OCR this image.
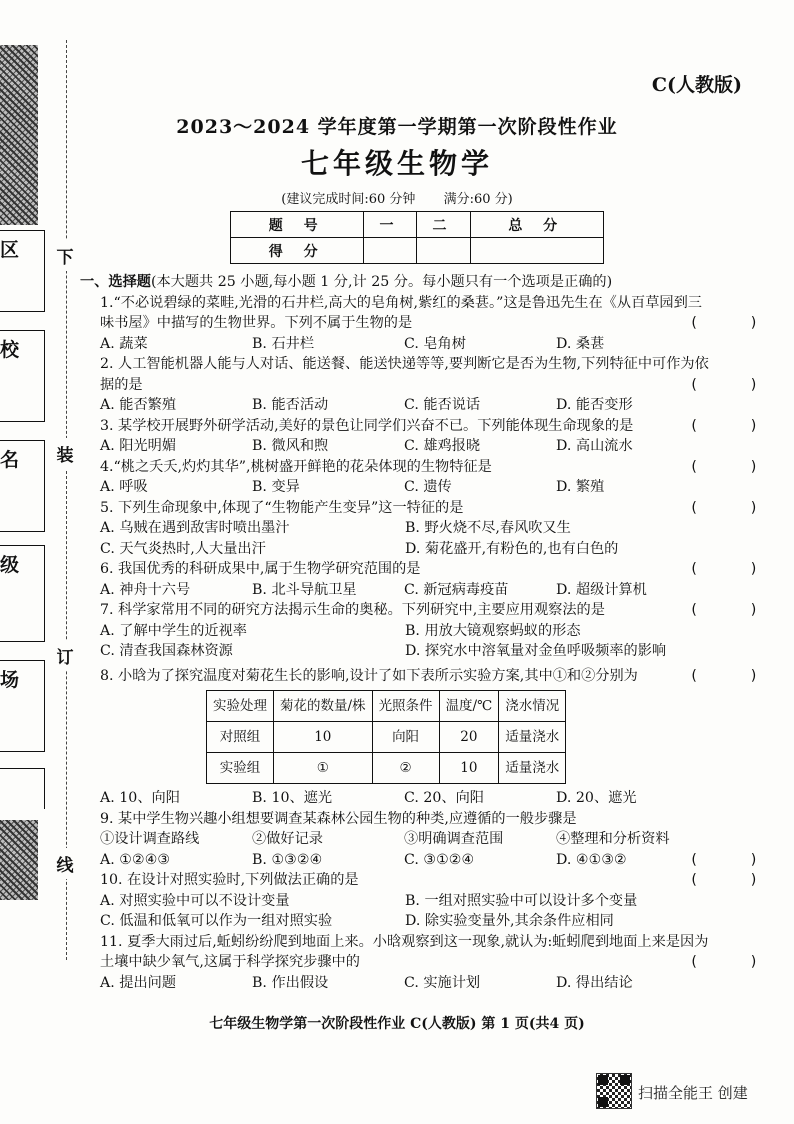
下
装
订
线
区
校
名
级
场
C(人教版)
2023～2024 学年度第一学期第一次阶段性作业
七年级生物学
(建议完成时间:60 分钟 满分:60 分)
题 号	一	二	总 分
得 分			
一、选择题(本大题共 25 小题,每小题 1 分,计 25 分。每小题只有一个选项是正确的)
1.“不必说碧绿的菜畦,光滑的石井栏,高大的皂角树,紫红的桑葚。”这是鲁迅先生在《从百草园到三味书屋》中描写的生物世界。下列不属于生物的是	(      )
A. 蔬菜	B. 石井栏	C. 皂角树	D. 桑葚
2. 人工智能机器人能与人对话、能送餐、能送快递等等,要判断它是否为生物,下列特征中可作为依据的是	(      )
A. 能否繁殖	B. 能否活动	C. 能否说话	D. 能否变形
3. 某学校开展野外研学活动,美好的景色让同学们兴奋不已。下列能体现生命现象的是	(      )
A. 阳光明媚	B. 微风和煦	C. 雄鸡报晓	D. 高山流水
4.“桃之夭夭,灼灼其华”,桃树盛开鲜艳的花朵体现的生物特征是	(      )
A. 呼吸	B. 变异	C. 遗传	D. 繁殖
5. 下列生命现象中,体现了“生物能产生变异”这一特征的是	(      )
A. 乌贼在遇到敌害时喷出墨汁	B. 野火烧不尽,春风吹又生
C. 天气炎热时,人大量出汗	D. 菊花盛开,有粉色的,也有白色的
6. 我国优秀的科研成果中,属于生物学研究范围的是	(      )
A. 神舟十六号	B. 北斗导航卫星	C. 新冠病毒疫苗	D. 超级计算机
7. 科学家常用不同的研究方法揭示生命的奥秘。下列研究中,主要应用观察法的是	(      )
A. 了解中学生的近视率	B. 用放大镜观察蚂蚁的形态
C. 清查我国森林资源	D. 探究水中溶氧量对金鱼呼吸频率的影响
8. 小晗为了探究温度对菊花生长的影响,设计了如下表所示实验方案,其中①和②分别为	(      )
实验处理	菊花的数量/株	光照条件	温度/℃	浇水情况
对照组	10	向阳	20	适量浇水
实验组	①	②	10	适量浇水
A. 10、向阳	B. 10、遮光	C. 20、向阳	D. 20、遮光
9. 某中学生物兴趣小组想要调查某森林公园生物的种类,应遵循的一般步骤是
①设计调查路线	②做好记录	③明确调查范围	④整理和分析资料
A. ①②④③	B. ①③②④	C. ③①②④	D. ④①③②	(      )
10. 在设计对照实验时,下列做法正确的是	(      )
A. 对照实验中可以不设计变量	B. 一组对照实验中可以设计多个变量
C. 低温和低氧可以作为一组对照实验	D. 除实验变量外,其余条件应相同
11. 夏季大雨过后,蚯蚓纷纷爬到地面上来。小晗观察到这一现象,就认为:蚯蚓爬到地面上来是因为土壤中缺少氧气,这属于科学探究步骤中的	(      )
A. 提出问题	B. 作出假设	C. 实施计划	D. 得出结论
七年级生物学第一次阶段性作业 C(人教版) 第 1 页(共4 页)
扫描全能王 创建
